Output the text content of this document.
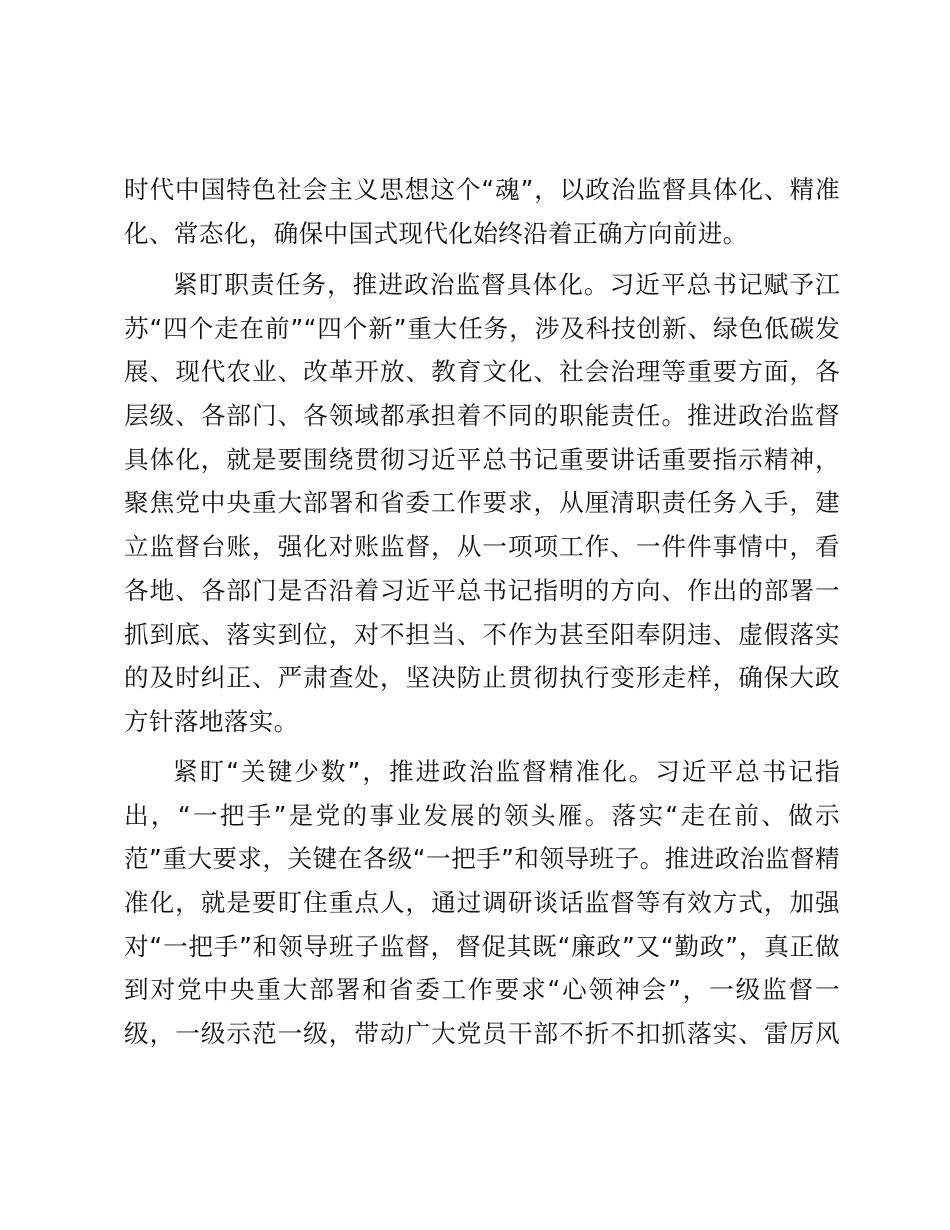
时代中国特色社会主义思想这个“魂”，以政治监督具体化、精准
化、常态化，确保中国式现代化始终沿着正确方向前进。
紧盯职责任务，推进政治监督具体化。习近平总书记赋予江
苏“四个走在前”“四个新”重大任务，涉及科技创新、绿色低碳发
展、现代农业、改革开放、教育文化、社会治理等重要方面，各
层级、各部门、各领域都承担着不同的职能责任。推进政治监督
具体化，就是要围绕贯彻习近平总书记重要讲话重要指示精神，
聚焦党中央重大部署和省委工作要求，从厘清职责任务入手，建
立监督台账，强化对账监督，从一项项工作、一件件事情中，看
各地、各部门是否沿着习近平总书记指明的方向、作出的部署一
抓到底、落实到位，对不担当、不作为甚至阳奉阴违、虚假落实
的及时纠正、严肃查处，坚决防止贯彻执行变形走样，确保大政
方针落地落实。
紧盯“关键少数”，推进政治监督精准化。习近平总书记指
出，“一把手”是党的事业发展的领头雁。落实“走在前、做示
范”重大要求，关键在各级“一把手”和领导班子。推进政治监督精
准化，就是要盯住重点人，通过调研谈话监督等有效方式，加强
对“一把手”和领导班子监督，督促其既“廉政”又“勤政”，真正做
到对党中央重大部署和省委工作要求“心领神会”，一级监督一
级，一级示范一级，带动广大党员干部不折不扣抓落实、雷厉风
